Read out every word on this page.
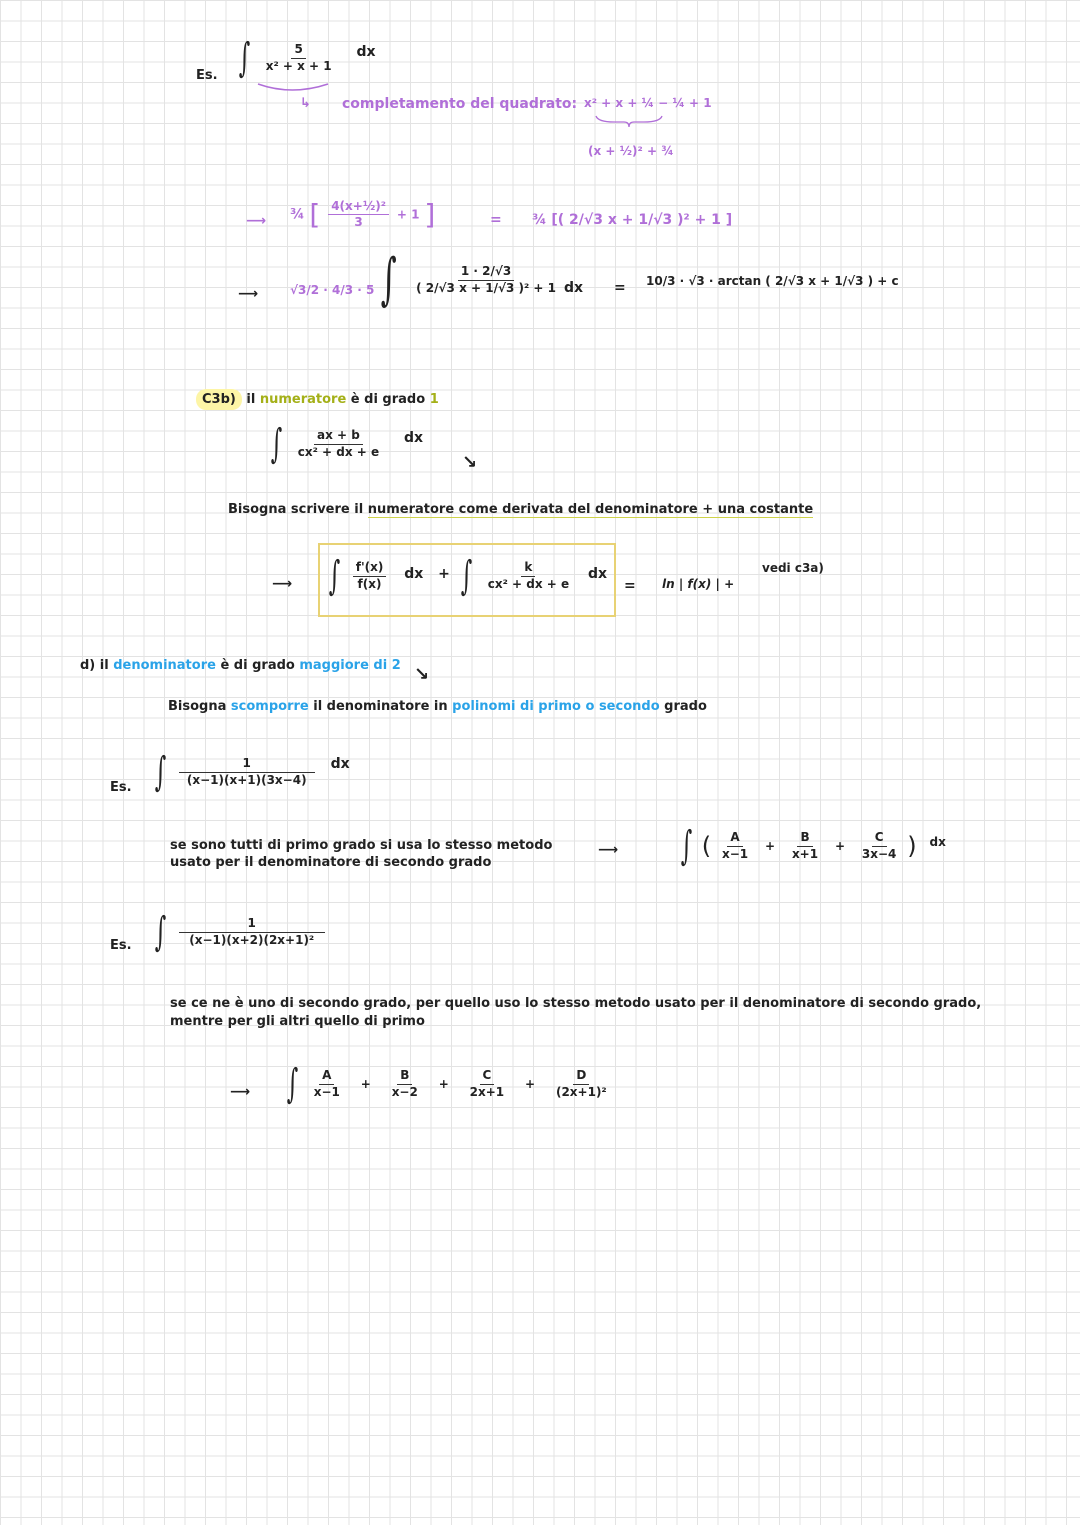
Es. ∫ $\frac{5}{\text{x² + x + 1}}$ dx
↳ completamento del quadrato: x² + x + ¼ − ¼ + 1
(x + ½)² + ¾
⟶ ¾ [ $\frac{\text{4(x+½)²}}{3} + 1$ ]	= ¾ [( 2/√3 x + 1/√3 )² + 1 ]
⟶	√3/2 · 4/3 · 5 ∫ $\frac{1 \cdot 2/√3}{\text{( 2/√3 x + 1/√3 )² + 1}}$ dx = 10/3 · √3 · arctan ( 2/√3 x + 1/√3 ) + c
C3b) il numeratore è di grado 1
∫ $\frac{ax + b}{\text{cx² + dx + e}}$ dx
↘
Bisogna scrivere il numeratore come derivata del denominatore + una costante
⟶ ∫ $\frac{f'(x)}{f(x)}$ dx + ∫ $\frac{k}{\text{cx² + dx + e}}$ dx
= ln | f(x) | +
vedi c3a)
d) il denominatore è di grado maggiore di 2 ↘
Bisogna scomporre il denominatore in polinomi di primo o secondo grado
Es. ∫ $\frac{1}{(x-1)(x+1)(3x-4)}$ dx
se sono tutti di primo grado si usa lo stesso metodo
usato per il denominatore di secondo grado
⟶ ∫ ( $\frac{A}{x-1} + \frac{B}{x+1} + \frac{C}{3x-4}$ ) dx
Es. ∫ $\frac{1}{\text{(x−1)(x+2)(2x+1)²}}$
se ce ne è uno di secondo grado, per quello uso lo stesso metodo usato per il denominatore di secondo grado,
mentre per gli altri quello di primo
⟶ ∫ $\frac{A}{x-1} + \frac{B}{x-2} + \frac{C}{2x+1} + \frac{D}{\text{(2x+1)²}}$
